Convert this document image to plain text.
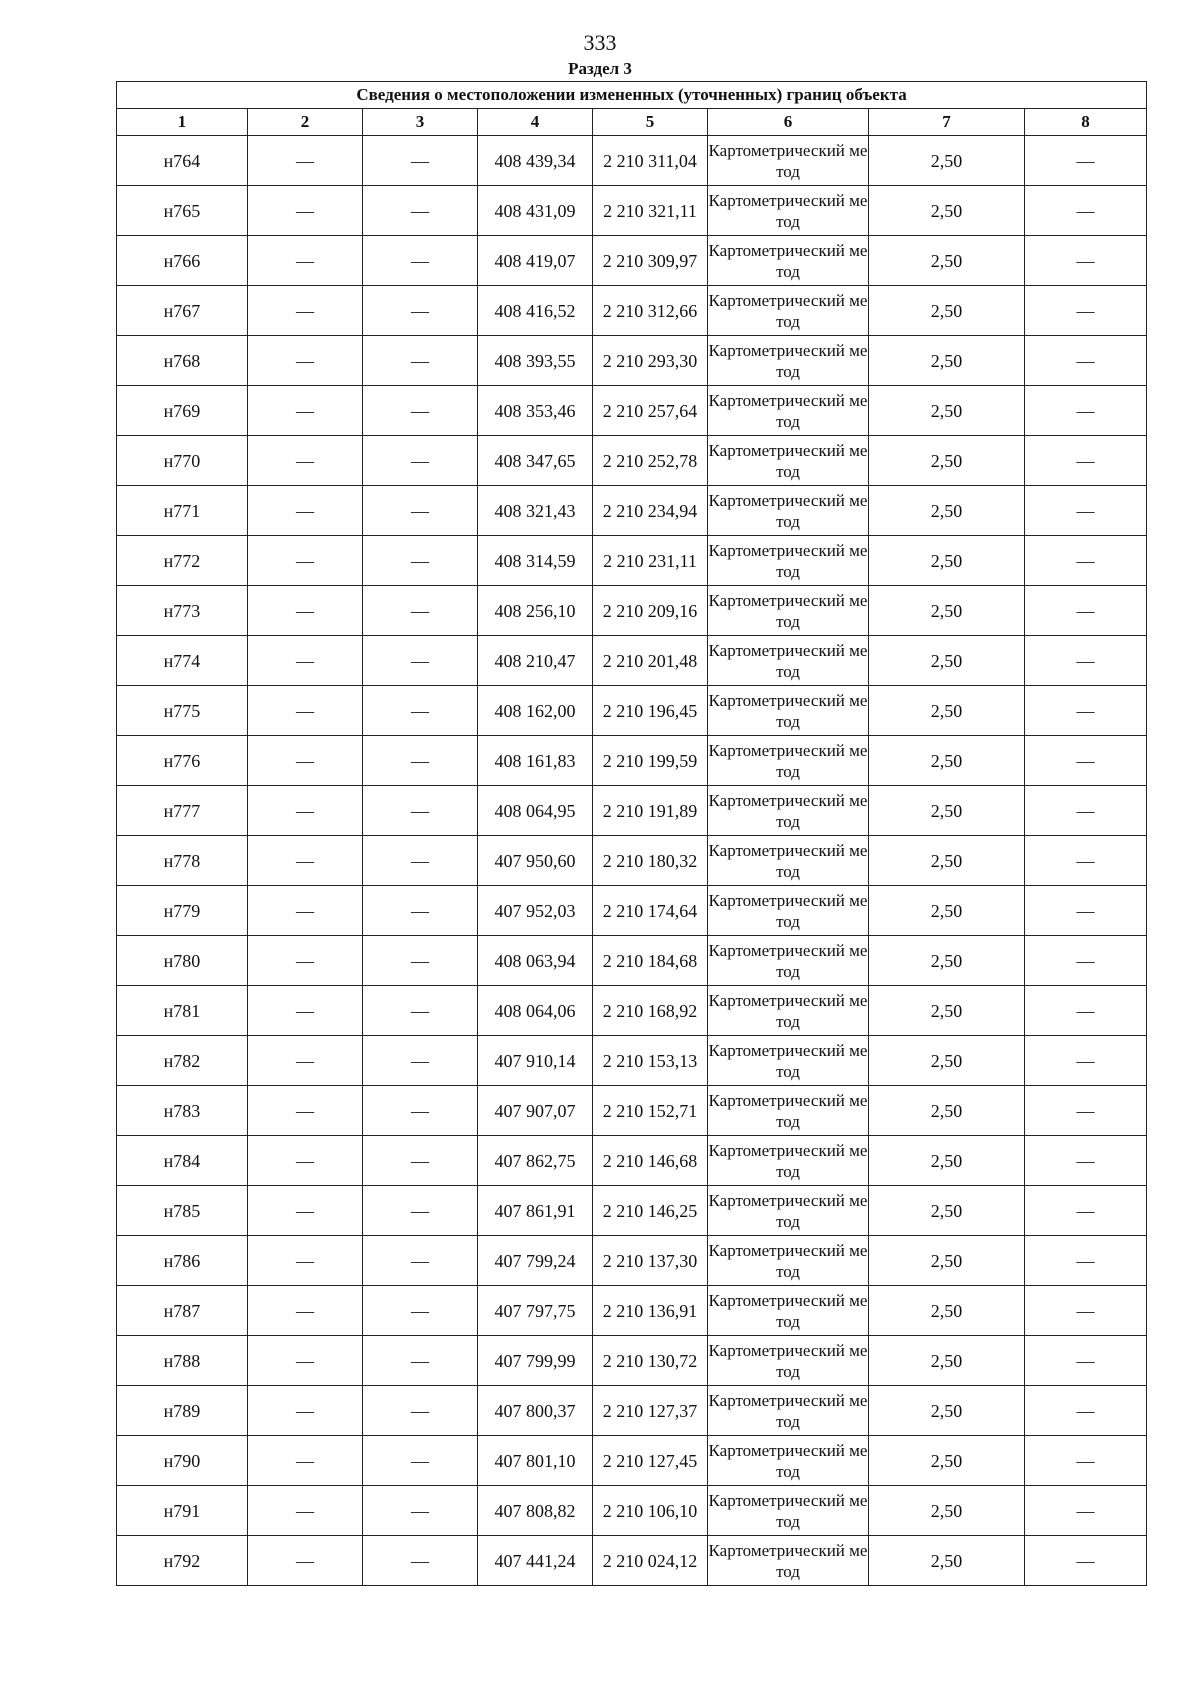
333
Раздел 3
Сведения о местоположении измененных (уточненных) границ объекта							
1	2	3	4	5	6	7	8
н764	—	—	408 439,34	2 210 311,04	Картометрический метод	2,50	—
н765	—	—	408 431,09	2 210 321,11	Картометрический метод	2,50	—
н766	—	—	408 419,07	2 210 309,97	Картометрический метод	2,50	—
н767	—	—	408 416,52	2 210 312,66	Картометрический метод	2,50	—
н768	—	—	408 393,55	2 210 293,30	Картометрический метод	2,50	—
н769	—	—	408 353,46	2 210 257,64	Картометрический метод	2,50	—
н770	—	—	408 347,65	2 210 252,78	Картометрический метод	2,50	—
н771	—	—	408 321,43	2 210 234,94	Картометрический метод	2,50	—
н772	—	—	408 314,59	2 210 231,11	Картометрический метод	2,50	—
н773	—	—	408 256,10	2 210 209,16	Картометрический метод	2,50	—
н774	—	—	408 210,47	2 210 201,48	Картометрический метод	2,50	—
н775	—	—	408 162,00	2 210 196,45	Картометрический метод	2,50	—
н776	—	—	408 161,83	2 210 199,59	Картометрический метод	2,50	—
н777	—	—	408 064,95	2 210 191,89	Картометрический метод	2,50	—
н778	—	—	407 950,60	2 210 180,32	Картометрический метод	2,50	—
н779	—	—	407 952,03	2 210 174,64	Картометрический метод	2,50	—
н780	—	—	408 063,94	2 210 184,68	Картометрический метод	2,50	—
н781	—	—	408 064,06	2 210 168,92	Картометрический метод	2,50	—
н782	—	—	407 910,14	2 210 153,13	Картометрический метод	2,50	—
н783	—	—	407 907,07	2 210 152,71	Картометрический метод	2,50	—
н784	—	—	407 862,75	2 210 146,68	Картометрический метод	2,50	—
н785	—	—	407 861,91	2 210 146,25	Картометрический метод	2,50	—
н786	—	—	407 799,24	2 210 137,30	Картометрический метод	2,50	—
н787	—	—	407 797,75	2 210 136,91	Картометрический метод	2,50	—
н788	—	—	407 799,99	2 210 130,72	Картометрический метод	2,50	—
н789	—	—	407 800,37	2 210 127,37	Картометрический метод	2,50	—
н790	—	—	407 801,10	2 210 127,45	Картометрический метод	2,50	—
н791	—	—	407 808,82	2 210 106,10	Картометрический метод	2,50	—
н792	—	—	407 441,24	2 210 024,12	Картометрический метод	2,50	—
